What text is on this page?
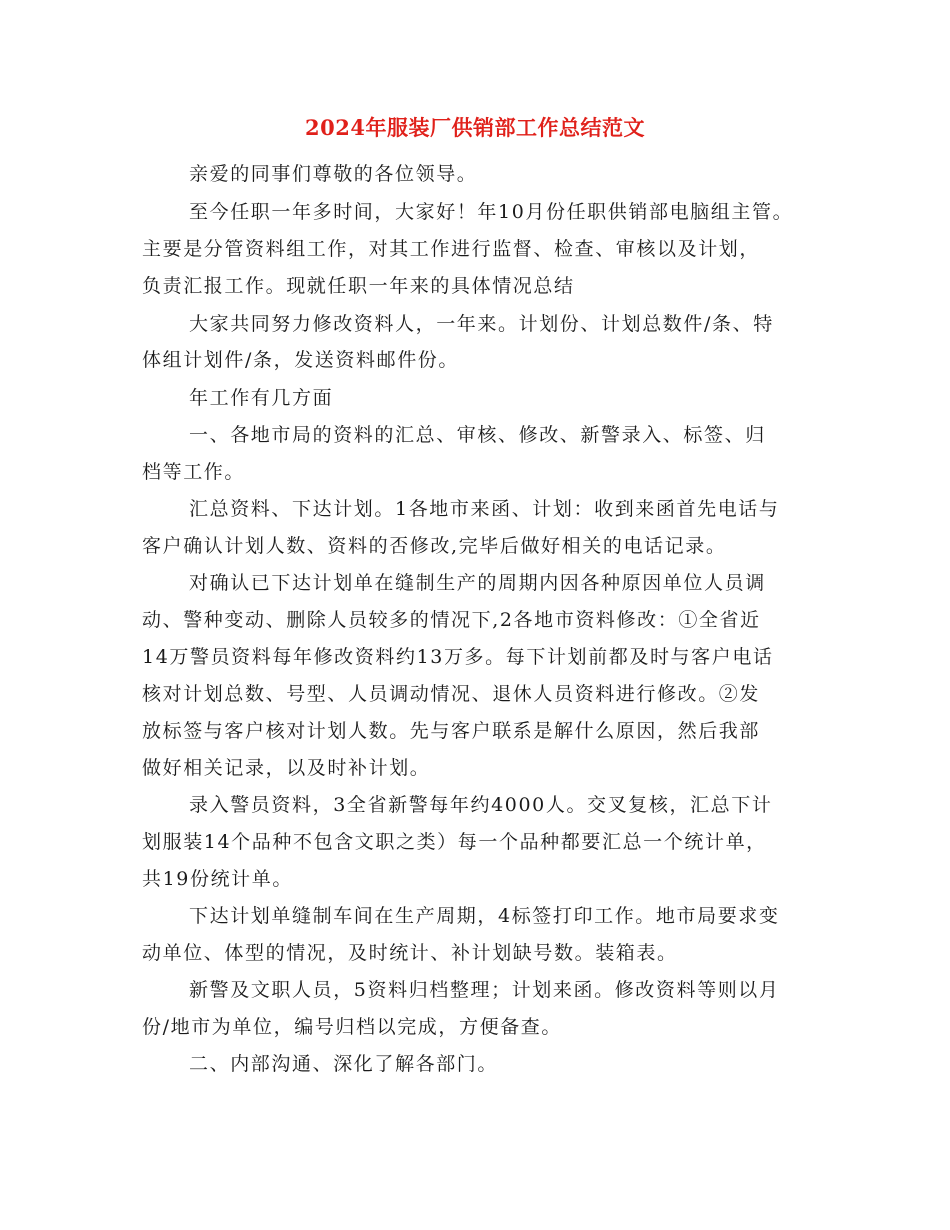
2024年服装厂供销部工作总结范文
亲爱的同事们尊敬的各位领导。
至今任职一年多时间，大家好！年10月份任职供销部电脑组主管。
主要是分管资料组工作，对其工作进行监督、检查、审核以及计划，
负责汇报工作。现就任职一年来的具体情况总结
大家共同努力修改资料人，一年来。计划份、计划总数件/条、特
体组计划件/条，发送资料邮件份。
年工作有几方面
一、各地市局的资料的汇总、审核、修改、新警录入、标签、归
档等工作。
汇总资料、下达计划。1各地市来函、计划：收到来函首先电话与
客户确认计划人数、资料的否修改,完毕后做好相关的电话记录。
对确认已下达计划单在缝制生产的周期内因各种原因单位人员调
动、警种变动、删除人员较多的情况下,2各地市资料修改：①全省近
14万警员资料每年修改资料约13万多。每下计划前都及时与客户电话
核对计划总数、号型、人员调动情况、退休人员资料进行修改。②发
放标签与客户核对计划人数。先与客户联系是解什么原因，然后我部
做好相关记录，以及时补计划。
录入警员资料，3全省新警每年约4000人。交叉复核，汇总下计
划服装14个品种不包含文职之类）每一个品种都要汇总一个统计单，
共19份统计单。
下达计划单缝制车间在生产周期，4标签打印工作。地市局要求变
动单位、体型的情况，及时统计、补计划缺号数。装箱表。
新警及文职人员，5资料归档整理；计划来函。修改资料等则以月
份/地市为单位，编号归档以完成，方便备查。
二、内部沟通、深化了解各部门。
